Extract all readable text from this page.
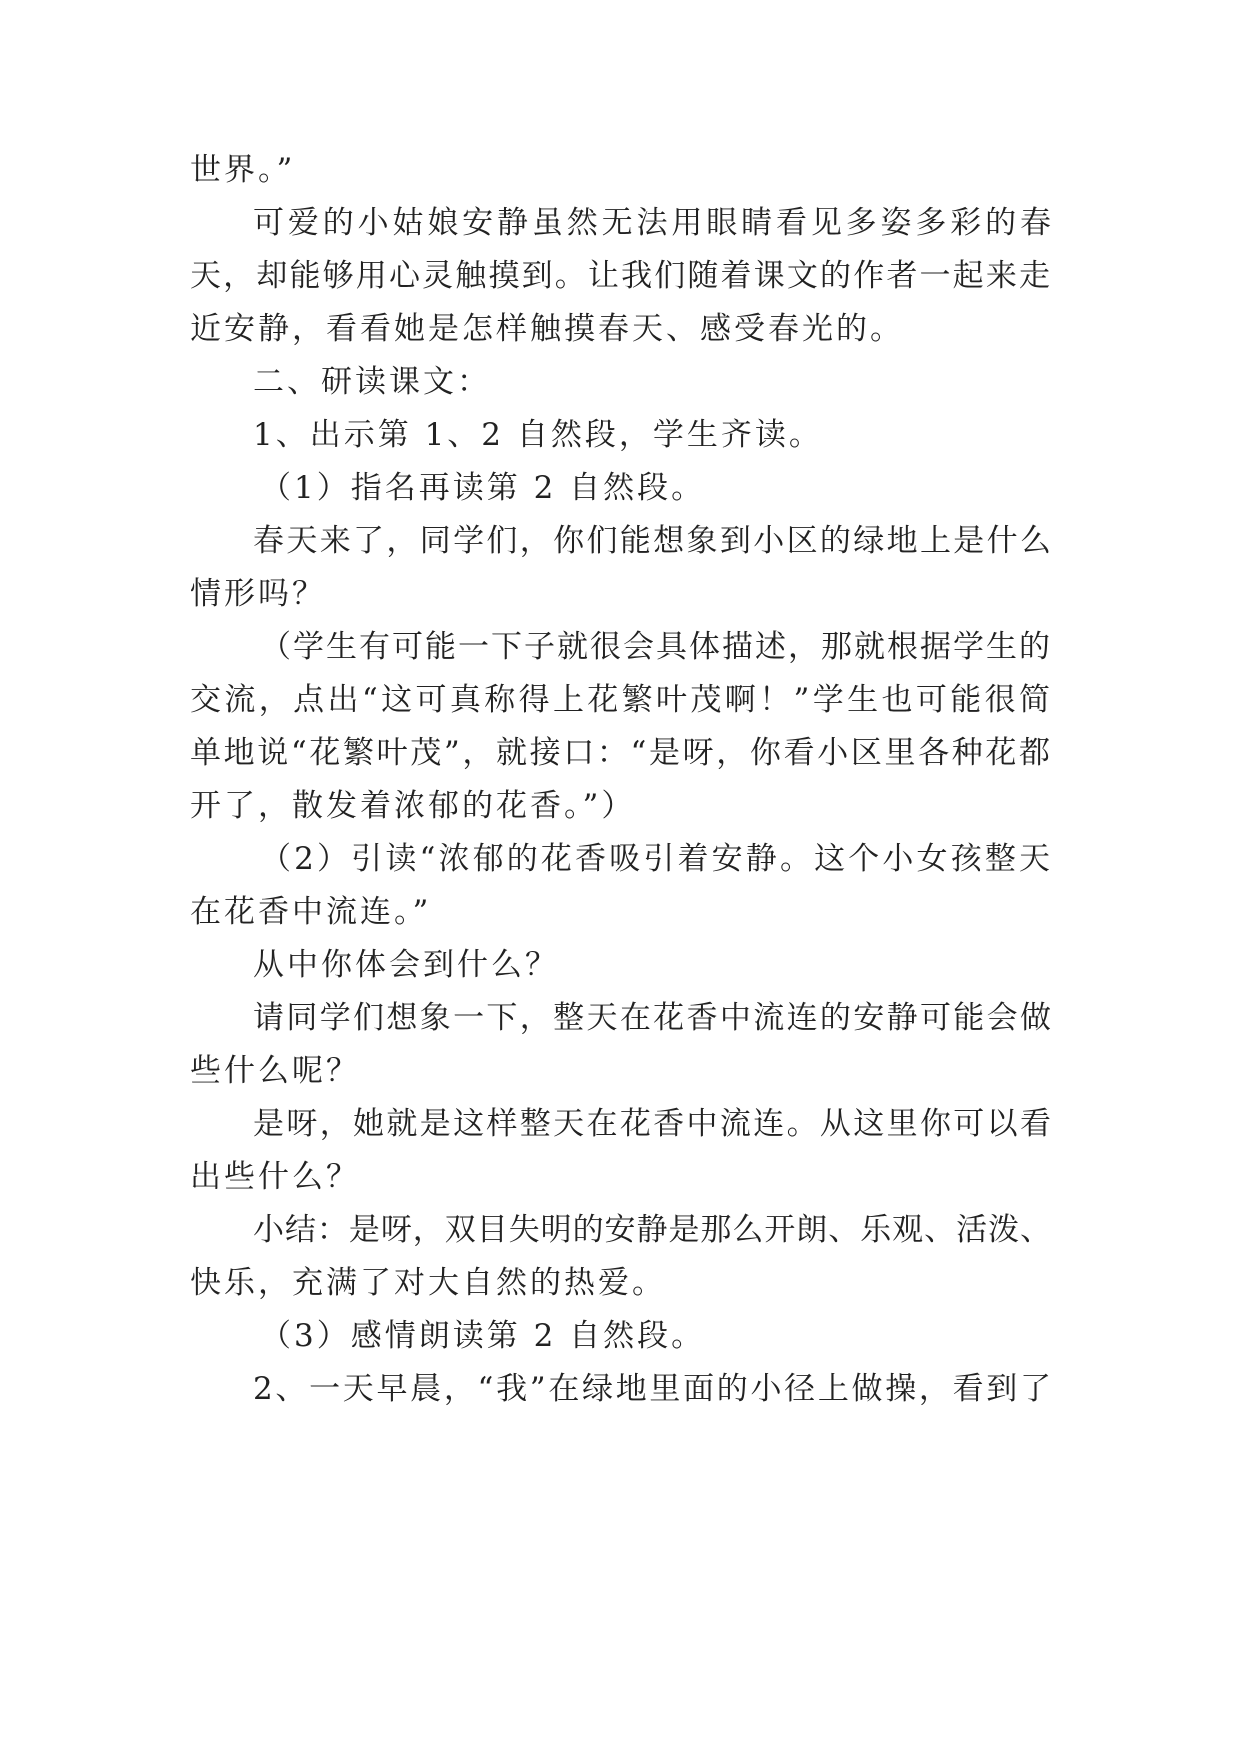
世界。”
可爱的小姑娘安静虽然无法用眼睛看见多姿多彩的春
天，却能够用心灵触摸到。让我们随着课文的作者一起来走
近安静，看看她是怎样触摸春天、感受春光的。
二、研读课文：
1、出示第 1、2 自然段，学生齐读。
（1）指名再读第 2 自然段。
春天来了，同学们，你们能想象到小区的绿地上是什么
情形吗？
（学生有可能一下子就很会具体描述，那就根据学生的
交流，点出“这可真称得上花繁叶茂啊！”学生也可能很简
单地说“花繁叶茂”，就接口：“是呀，你看小区里各种花都
开了，散发着浓郁的花香。”）
（2）引读“浓郁的花香吸引着安静。这个小女孩整天
在花香中流连。”
从中你体会到什么？
请同学们想象一下，整天在花香中流连的安静可能会做
些什么呢？
是呀，她就是这样整天在花香中流连。从这里你可以看
出些什么？
小结：是呀，双目失明的安静是那么开朗、乐观、活泼、
快乐，充满了对大自然的热爱。
（3）感情朗读第 2 自然段。
2、一天早晨，“我”在绿地里面的小径上做操，看到了
